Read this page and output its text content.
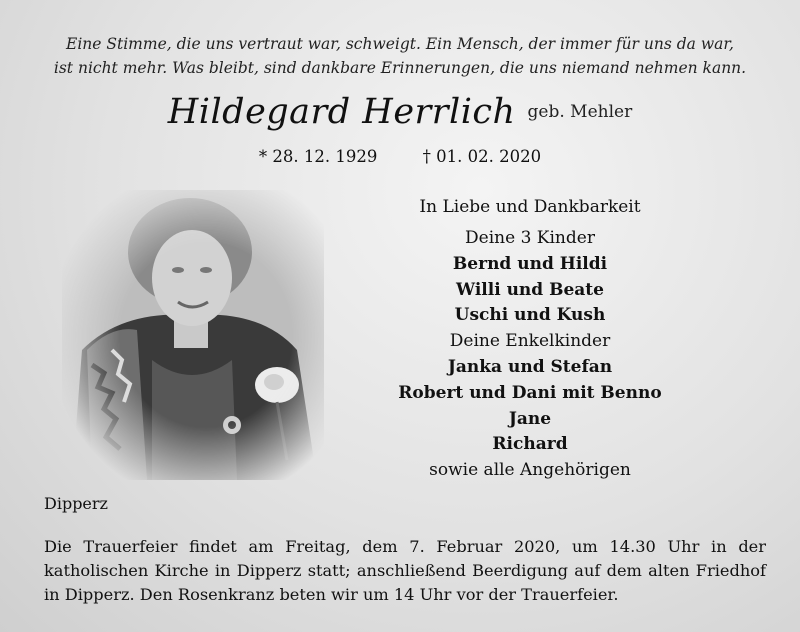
Eine Stimme, die uns vertraut war, schweigt. Ein Mensch, der immer für uns da war,
ist nicht mehr. Was bleibt, sind dankbare Erinnerungen, die uns niemand nehmen kann.
Hildegard Herrlich geb. Mehler
* 28. 12. 1929	† 01. 02. 2020
In Liebe und Dankbarkeit
Deine 3 Kinder
Bernd und Hildi
Willi und Beate
Uschi und Kush
Deine Enkelkinder
Janka und Stefan
Robert und Dani mit Benno
Jane
Richard
sowie alle Angehörigen
Dipperz
Die Trauerfeier findet am Freitag, dem 7. Februar 2020, um 14.30 Uhr in der katholischen Kirche in Dipperz statt; anschließend Beerdigung auf dem alten Friedhof in Dipperz. Den Rosenkranz beten wir um 14 Uhr vor der Trauerfeier.
